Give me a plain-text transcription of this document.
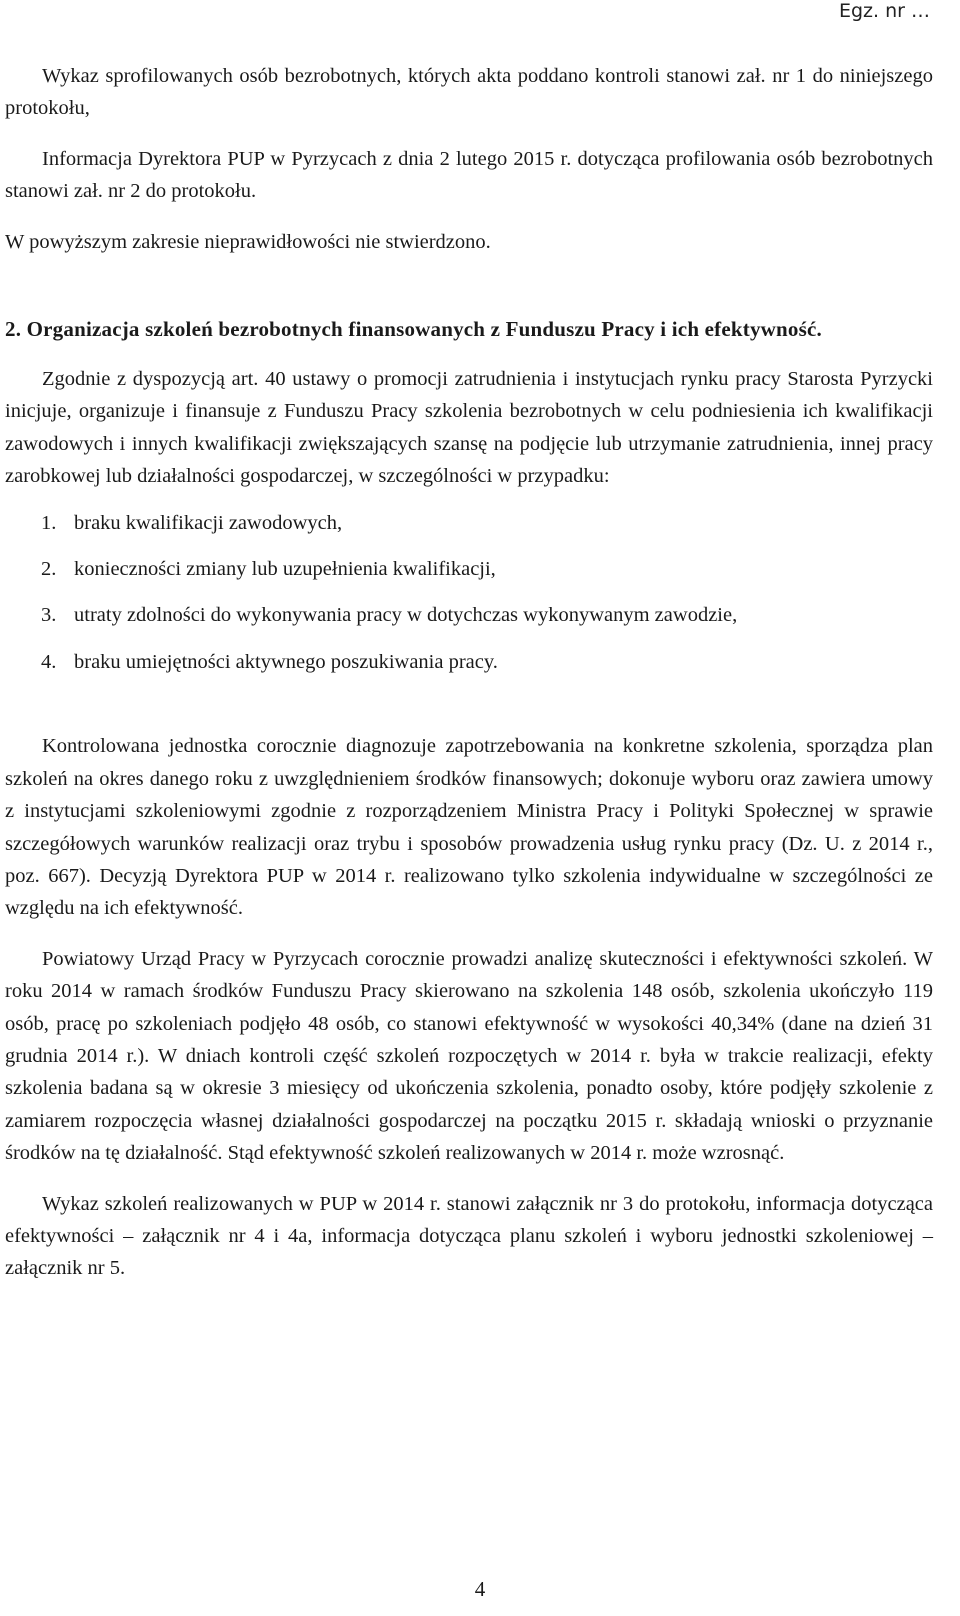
Egz. nr …

Wykaz sprofilowanych osób bezrobotnych, których akta poddano kontroli stanowi zał. nr 1 do niniejszego protokołu,

Informacja Dyrektora PUP w Pyrzycach z dnia 2 lutego 2015 r. dotycząca profilowania osób bezrobotnych stanowi zał. nr 2 do protokołu.

W powyższym zakresie nieprawidłowości nie stwierdzono.

2. Organizacja szkoleń bezrobotnych finansowanych z Funduszu Pracy i ich efektywność.

Zgodnie z dyspozycją art. 40 ustawy o promocji zatrudnienia i instytucjach rynku pracy Starosta Pyrzycki inicjuje, organizuje i finansuje z Funduszu Pracy szkolenia bezrobotnych w celu podniesienia ich kwalifikacji zawodowych i innych kwalifikacji zwiększających szansę na podjęcie lub utrzymanie zatrudnienia, innej pracy zarobkowej lub działalności gospodarczej, w szczególności w przypadku:

1. braku kwalifikacji zawodowych,
2. konieczności zmiany lub uzupełnienia kwalifikacji,
3. utraty zdolności do wykonywania pracy w dotychczas wykonywanym zawodzie,
4. braku umiejętności aktywnego poszukiwania pracy.

Kontrolowana jednostka corocznie diagnozuje zapotrzebowania na konkretne szkolenia, sporządza plan szkoleń na okres danego roku z uwzględnieniem środków finansowych; dokonuje wyboru oraz zawiera umowy z instytucjami szkoleniowymi zgodnie z rozporządzeniem Ministra Pracy i Polityki Społecznej w sprawie szczegółowych warunków realizacji oraz trybu i sposobów prowadzenia usług rynku pracy (Dz. U. z 2014 r., poz. 667). Decyzją Dyrektora PUP w 2014 r. realizowano tylko szkolenia indywidualne w szczególności ze względu na ich efektywność.

Powiatowy Urząd Pracy w Pyrzycach corocznie prowadzi analizę skuteczności i efektywności szkoleń. W roku 2014 w ramach środków Funduszu Pracy skierowano na szkolenia 148 osób, szkolenia ukończyło 119 osób, pracę po szkoleniach podjęło 48 osób, co stanowi efektywność w wysokości 40,34% (dane na dzień 31 grudnia 2014 r.). W dniach kontroli część szkoleń rozpoczętych w 2014 r. była w trakcie realizacji, efekty szkolenia badana są w okresie 3 miesięcy od ukończenia szkolenia, ponadto osoby, które podjęły szkolenie z zamiarem rozpoczęcia własnej działalności gospodarczej na początku 2015 r. składają wnioski o przyznanie środków na tę działalność. Stąd efektywność szkoleń realizowanych w 2014 r. może wzrosnąć.

Wykaz szkoleń realizowanych w PUP w 2014 r. stanowi załącznik nr 3 do protokołu, informacja dotycząca efektywności – załącznik nr 4 i 4a, informacja dotycząca planu szkoleń i wyboru jednostki szkoleniowej – załącznik nr 5.

4
